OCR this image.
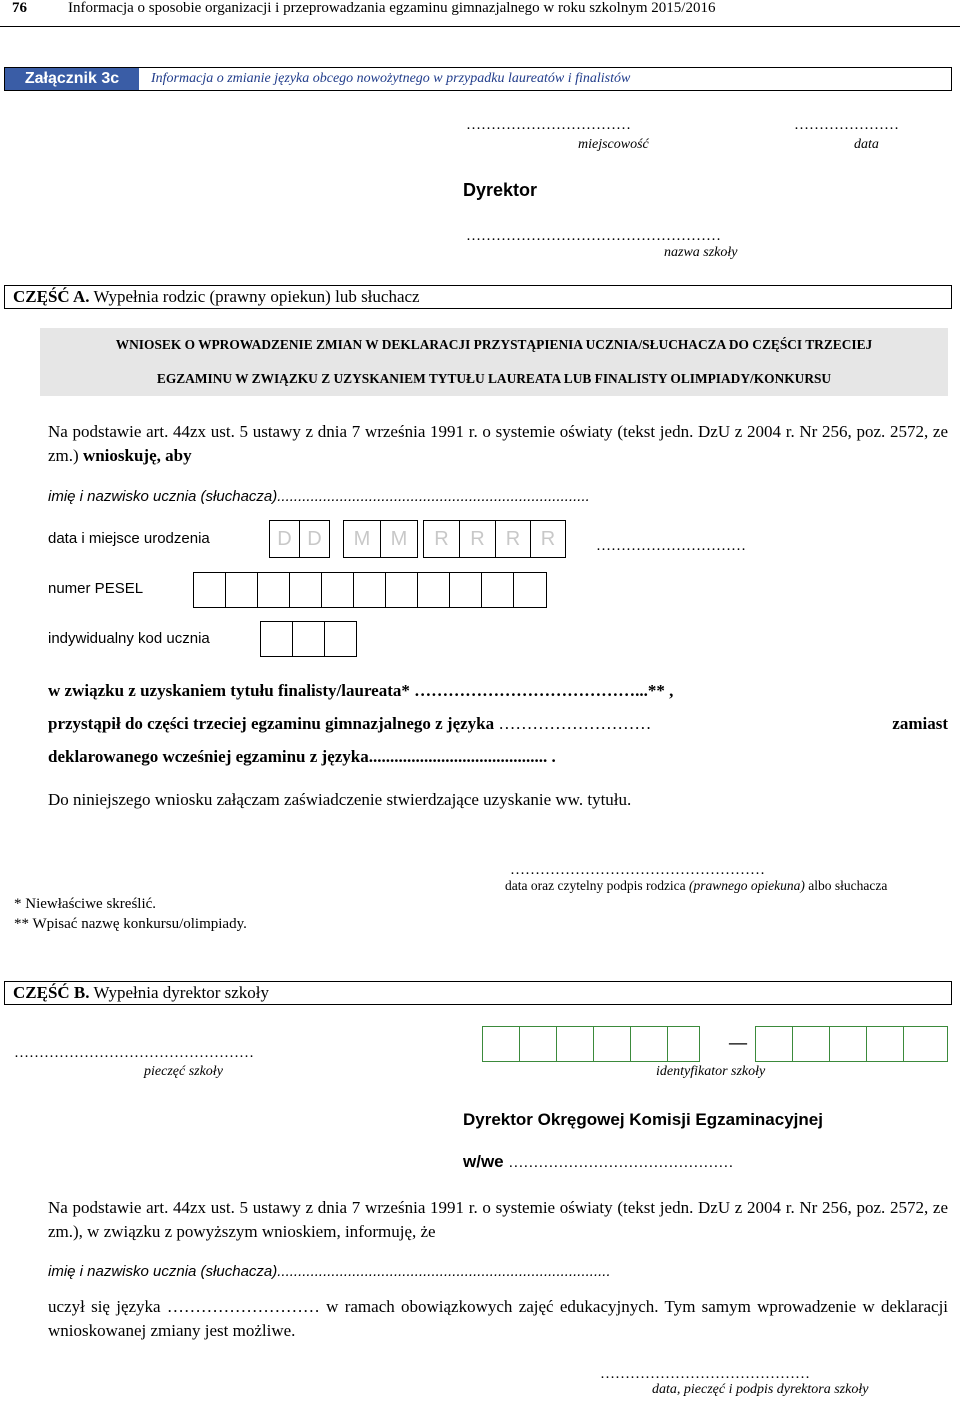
76	Informacja o sposobie organizacji i przeprowadzania egzaminu gimnazjalnego w roku szkolnym 2015/2016
Załącznik 3c	Informacja o zmianie języka obcego nowożytnego w przypadku laureatów i finalistów
……………………………	…………………
miejscowość	data
Dyrektor
……………………………………………
nazwa szkoły
CZĘŚĆ A. Wypełnia rodzic (prawny opiekun) lub słuchacz
WNIOSEK O WPROWADZENIE ZMIAN W DEKLARACJI PRZYSTĄPIENIA UCZNIA/SŁUCHACZA DO CZĘŚCI TRZECIEJ
EGZAMINU W ZWIĄZKU Z UZYSKANIEM TYTUŁU LAUREATA LUB FINALISTY OLIMPIADY/KONKURSU
Na podstawie art. 44zx ust. 5 ustawy z dnia 7 września 1991 r. o systemie oświaty (tekst jedn. DzU z 2004 r. Nr 256, poz. 2572, ze zm.) wnioskuję, aby
imię i nazwisko ucznia (słuchacza)...........................................................................
data i miejsce urodzenia	D D	M	M	R	R	R	R	…………………………
numer PESEL
indywidualny kod ucznia
w związku z uzyskaniem tytułu finalisty/laureata* …………………………………...** ,
przystąpił do części trzeciej egzaminu gimnazjalnego z języka ………………………	zamiast
deklarowanego wcześniej egzaminu z języka.......................................... .
Do niniejszego wniosku załączam zaświadczenie stwierdzające uzyskanie ww. tytułu.
……………………………………………
data oraz czytelny podpis rodzica (prawnego opiekuna) albo słuchacza
* Niewłaściwe skreślić.
** Wpisać nazwę konkursu/olimpiady.
CZĘŚĆ B. Wypełnia dyrektor szkoły
…………………………………………
pieczęć szkoły
—
identyfikator szkoły
Dyrektor Okręgowej Komisji Egzaminacyjnej
w/we ………………………………………
Na podstawie art. 44zx ust. 5 ustawy z dnia 7 września 1991 r. o systemie oświaty (tekst jedn. DzU z 2004 r. Nr 256, poz. 2572, ze zm.), w związku z powyższym wnioskiem, informuję, że
imię i nazwisko ucznia (słuchacza)................................................................................
uczył się języka ……………………… w ramach obowiązkowych zajęć edukacyjnych. Tym samym wprowadzenie w deklaracji wnioskowanej zmiany jest możliwe.
……………………………………
data, pieczęć i podpis dyrektora szkoły
